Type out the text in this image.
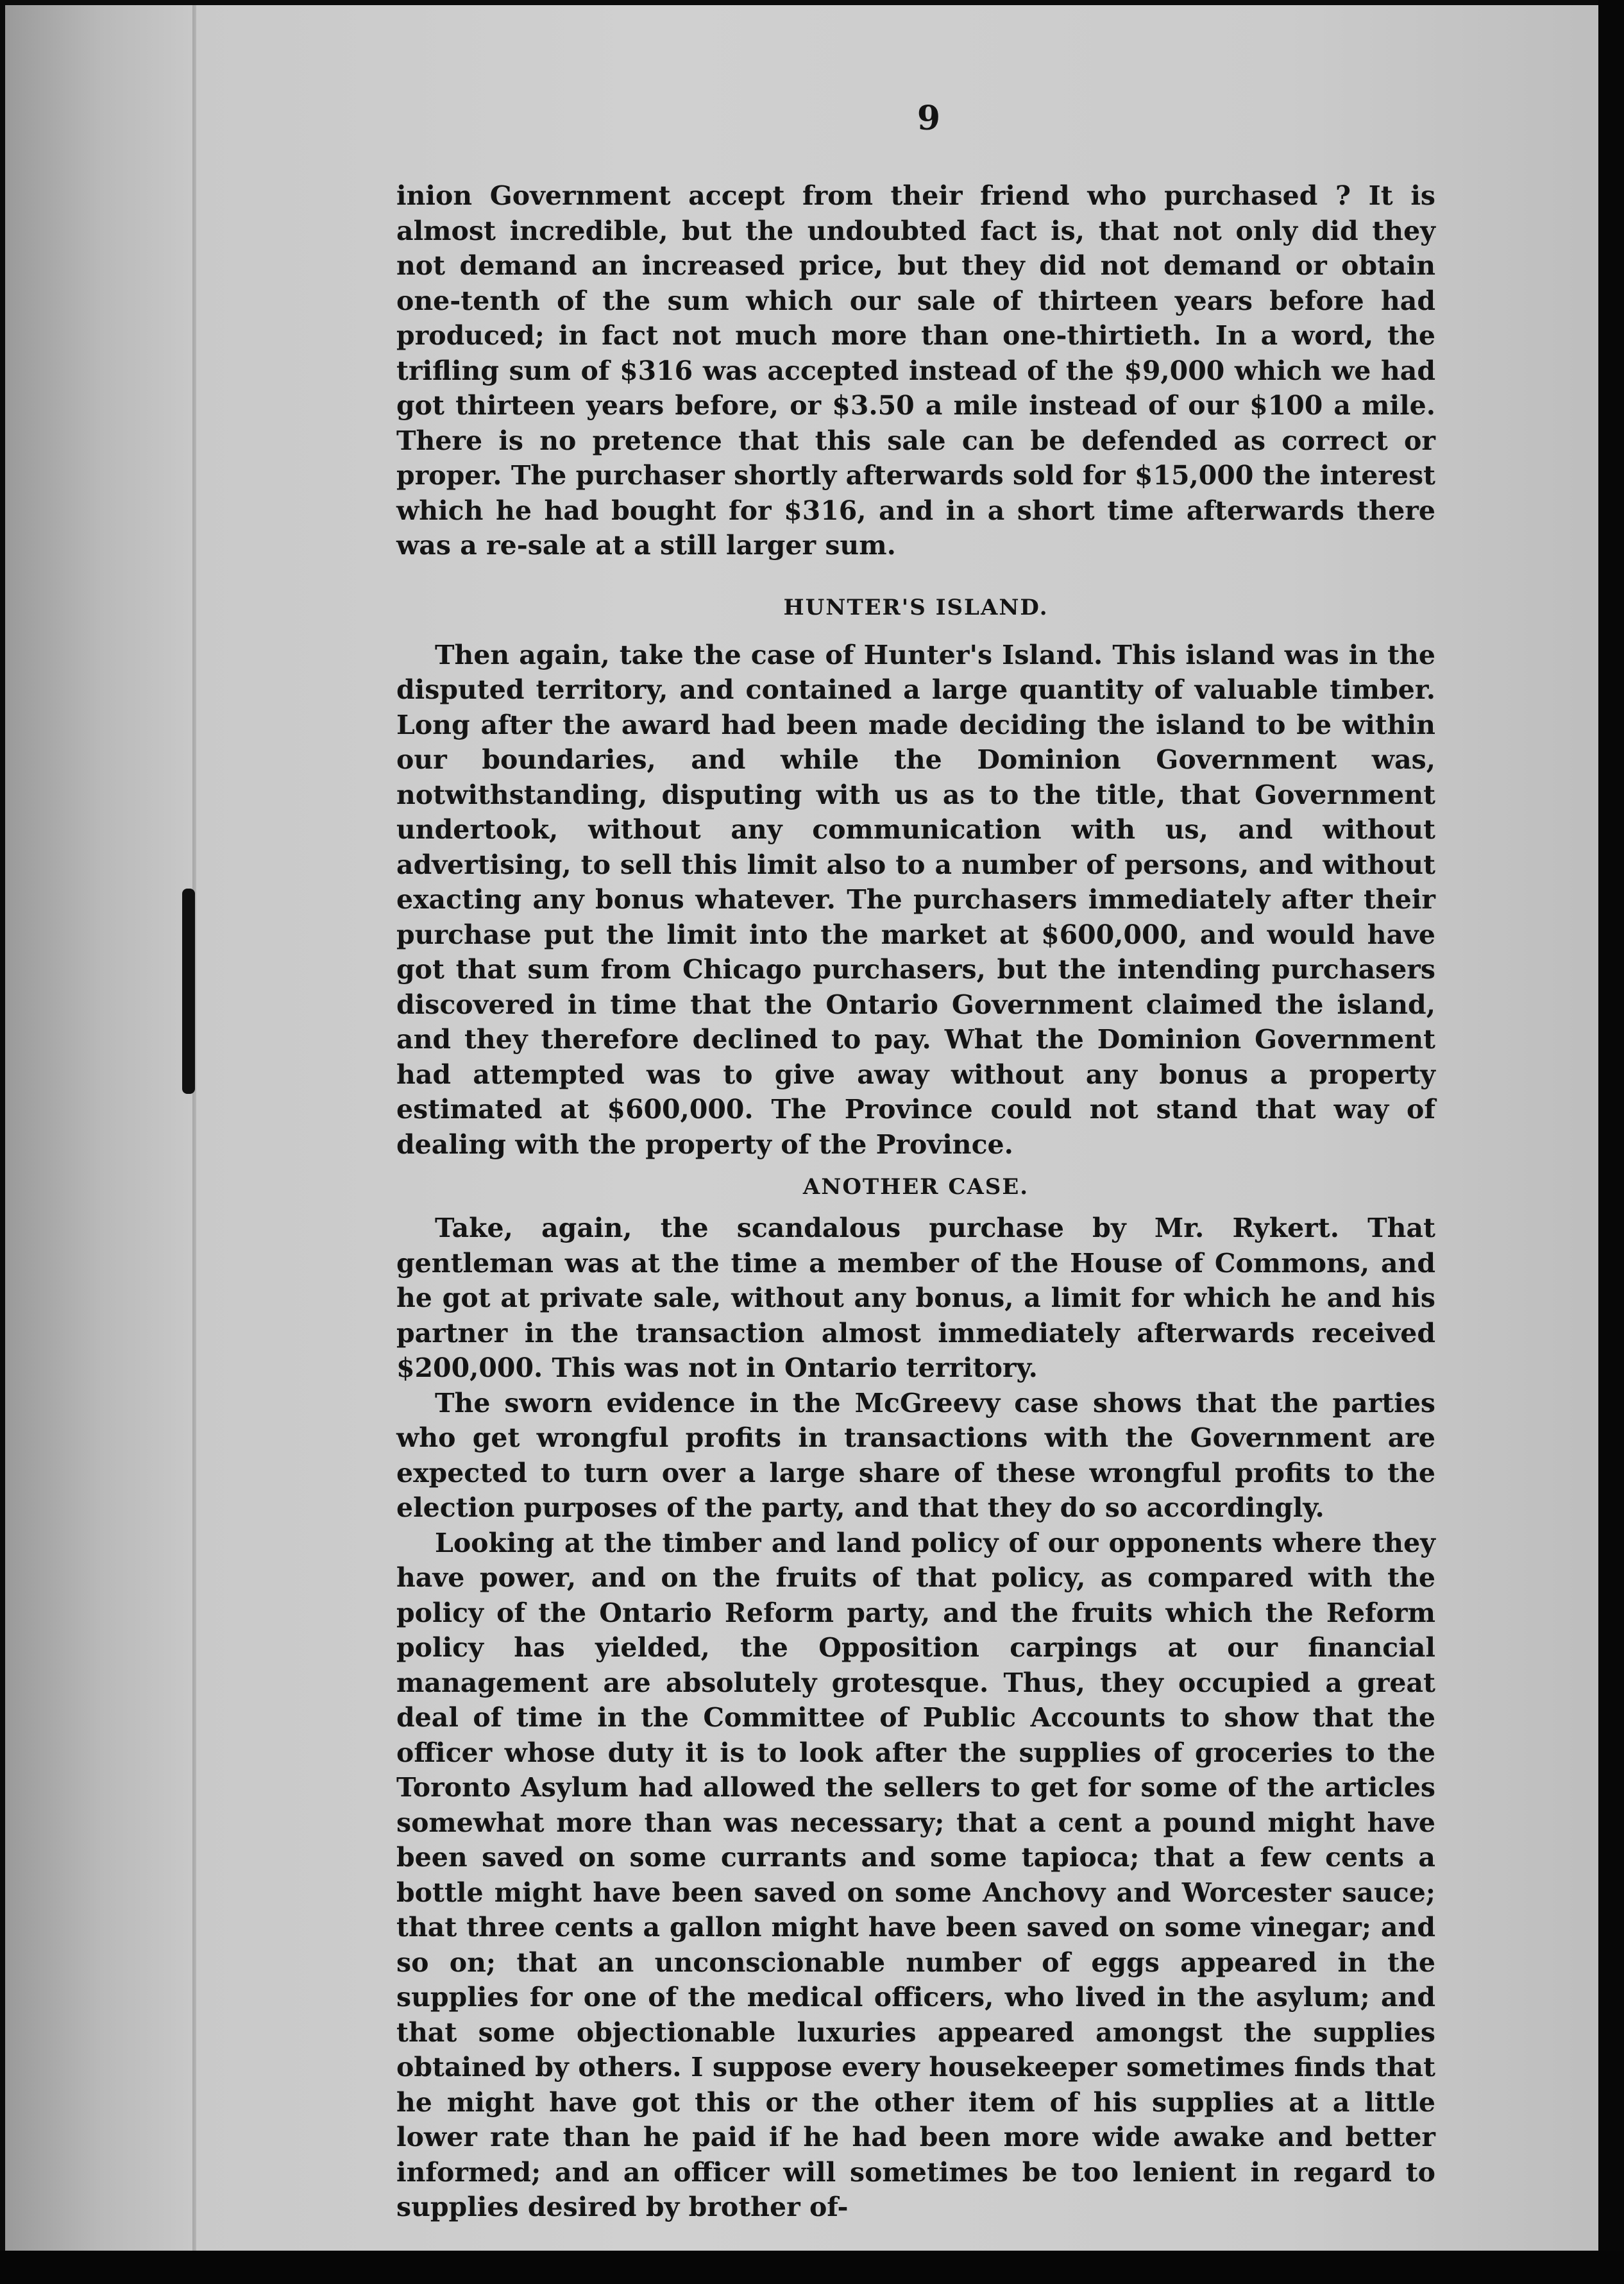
9

inion Government accept from their friend who purchased ? It is almost incredible, but the undoubted fact is, that not only did they not demand an increased price, but they did not demand or obtain one-tenth of the sum which our sale of thirteen years before had produced; in fact not much more than one-thirtieth. In a word, the trifling sum of $316 was accepted instead of the $9,000 which we had got thirteen years before, or $3.50 a mile instead of our $100 a mile. There is no pretence that this sale can be defended as correct or proper. The purchaser shortly afterwards sold for $15,000 the interest which he had bought for $316, and in a short time afterwards there was a re-sale at a still larger sum.

HUNTER'S ISLAND.

Then again, take the case of Hunter's Island. This island was in the disputed territory, and contained a large quantity of valuable timber. Long after the award had been made deciding the island to be within our boundaries, and while the Dominion Government was, notwithstanding, disputing with us as to the title, that Government undertook, without any communication with us, and without advertising, to sell this limit also to a number of persons, and without exacting any bonus whatever. The purchasers immediately after their purchase put the limit into the market at $600,000, and would have got that sum from Chicago purchasers, but the intending purchasers discovered in time that the Ontario Government claimed the island, and they therefore declined to pay. What the Dominion Government had attempted was to give away without any bonus a property estimated at $600,000. The Province could not stand that way of dealing with the property of the Province.

ANOTHER CASE.

Take, again, the scandalous purchase by Mr. Rykert. That gentleman was at the time a member of the House of Commons, and he got at private sale, without any bonus, a limit for which he and his partner in the transaction almost immediately afterwards received $200,000. This was not in Ontario territory.

The sworn evidence in the McGreevy case shows that the parties who get wrongful profits in transactions with the Government are expected to turn over a large share of these wrongful profits to the election purposes of the party, and that they do so accordingly.

Looking at the timber and land policy of our opponents where they have power, and on the fruits of that policy, as compared with the policy of the Ontario Reform party, and the fruits which the Reform policy has yielded, the Opposition carpings at our financial management are absolutely grotesque. Thus, they occupied a great deal of time in the Committee of Public Accounts to show that the officer whose duty it is to look after the supplies of groceries to the Toronto Asylum had allowed the sellers to get for some of the articles somewhat more than was necessary; that a cent a pound might have been saved on some currants and some tapioca; that a few cents a bottle might have been saved on some Anchovy and Worcester sauce; that three cents a gallon might have been saved on some vinegar; and so on; that an unconscionable number of eggs appeared in the supplies for one of the medical officers, who lived in the asylum; and that some objectionable luxuries appeared amongst the supplies obtained by others. I suppose every housekeeper sometimes finds that he might have got this or the other item of his supplies at a little lower rate than he paid if he had been more wide awake and better informed; and an officer will sometimes be too lenient in regard to supplies desired by brother of-
